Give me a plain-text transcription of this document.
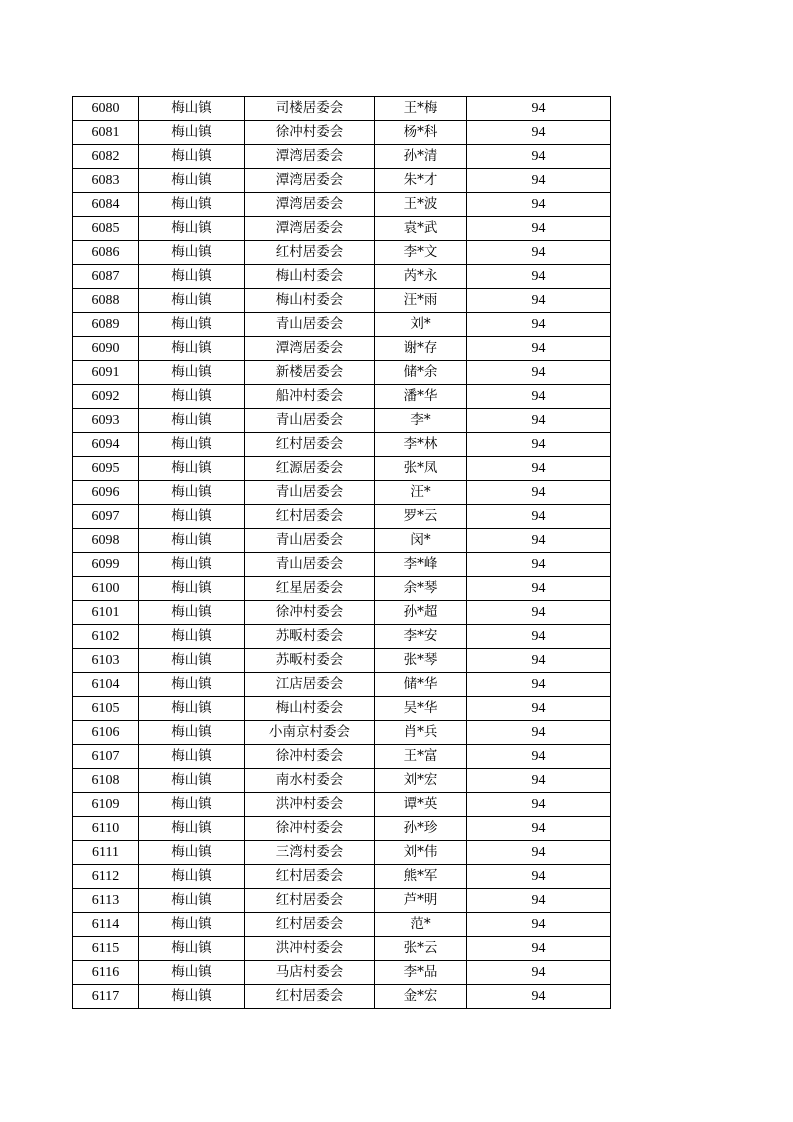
6080	梅山镇	司楼居委会	王*梅	94
6081	梅山镇	徐冲村委会	杨*科	94
6082	梅山镇	潭湾居委会	孙*清	94
6083	梅山镇	潭湾居委会	朱*才	94
6084	梅山镇	潭湾居委会	王*波	94
6085	梅山镇	潭湾居委会	袁*武	94
6086	梅山镇	红村居委会	李*文	94
6087	梅山镇	梅山村委会	芮*永	94
6088	梅山镇	梅山村委会	汪*雨	94
6089	梅山镇	青山居委会	刘*	94
6090	梅山镇	潭湾居委会	谢*存	94
6091	梅山镇	新楼居委会	储*余	94
6092	梅山镇	船冲村委会	潘*华	94
6093	梅山镇	青山居委会	李*	94
6094	梅山镇	红村居委会	李*林	94
6095	梅山镇	红源居委会	张*凤	94
6096	梅山镇	青山居委会	汪*	94
6097	梅山镇	红村居委会	罗*云	94
6098	梅山镇	青山居委会	闵*	94
6099	梅山镇	青山居委会	李*峰	94
6100	梅山镇	红星居委会	余*琴	94
6101	梅山镇	徐冲村委会	孙*超	94
6102	梅山镇	苏畈村委会	李*安	94
6103	梅山镇	苏畈村委会	张*琴	94
6104	梅山镇	江店居委会	储*华	94
6105	梅山镇	梅山村委会	吴*华	94
6106	梅山镇	小南京村委会	肖*兵	94
6107	梅山镇	徐冲村委会	王*富	94
6108	梅山镇	南水村委会	刘*宏	94
6109	梅山镇	洪冲村委会	谭*英	94
6110	梅山镇	徐冲村委会	孙*珍	94
6111	梅山镇	三湾村委会	刘*伟	94
6112	梅山镇	红村居委会	熊*军	94
6113	梅山镇	红村居委会	芦*明	94
6114	梅山镇	红村居委会	范*	94
6115	梅山镇	洪冲村委会	张*云	94
6116	梅山镇	马店村委会	李*品	94
6117	梅山镇	红村居委会	金*宏	94
